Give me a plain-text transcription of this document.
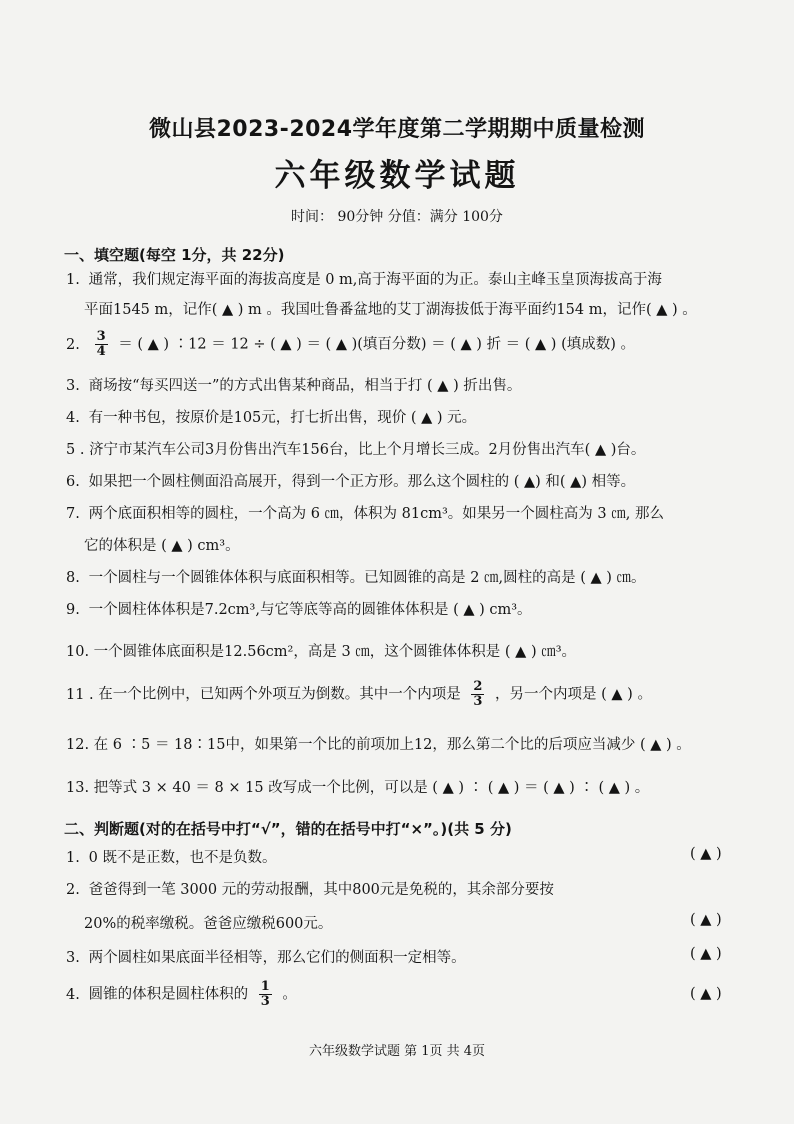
微山县2023-2024学年度第二学期期中质量检测
六年级数学试题
时间： 90分钟 分值：满分 100分
一、填空题(每空 1分，共 22分)
1. 通常，我们规定海平面的海拔高度是 0 m,高于海平面的为正。泰山主峰玉皇顶海拔高于海
平面1545 m，记作( ▲ ) m 。我国吐鲁番盆地的艾丁湖海拔低于海平面约154 m，记作( ▲ ) 。
2. $\frac{3}{4}$ ＝ ( ▲ ) ∶12 ＝ 12 ÷ ( ▲ ) ＝ ( ▲ )(填百分数) ＝ ( ▲ ) 折 ＝ ( ▲ ) (填成数) 。
3. 商场按“每买四送一”的方式出售某种商品，相当于打 ( ▲ ) 折出售。
4. 有一种书包，按原价是105元，打七折出售，现价 ( ▲ ) 元。
5 . 济宁市某汽车公司3月份售出汽车156台，比上个月增长三成。2月份售出汽车( ▲ )台。
6. 如果把一个圆柱侧面沿高展开，得到一个正方形。那么这个圆柱的 ( ▲) 和( ▲) 相等。
7. 两个底面积相等的圆柱，一个高为 6 ㎝，体积为 81cm³。如果另一个圆柱高为 3 ㎝, 那么
它的体积是 ( ▲ ) cm³。
8. 一个圆柱与一个圆锥体体积与底面积相等。已知圆锥的高是 2 ㎝,圆柱的高是 ( ▲ ) ㎝。
9. 一个圆柱体体积是7.2cm³,与它等底等高的圆锥体体积是 ( ▲ ) cm³。
10. 一个圆锥体底面积是12.56cm²，高是 3 ㎝，这个圆锥体体积是 ( ▲ ) ㎝³。
11 . 在一个比例中，已知两个外项互为倒数。其中一个内项是 $\frac{2}{3}$ ，另一个内项是 ( ▲ ) 。
12. 在 6 ∶5 ＝ 18∶15中，如果第一个比的前项加上12，那么第二个比的后项应当减少 ( ▲ ) 。
13. 把等式 3 × 40 ＝ 8 × 15 改写成一个比例，可以是 ( ▲ ) ∶ ( ▲ ) ＝ ( ▲ ) ∶ ( ▲ ) 。
二、判断题(对的在括号中打“√”，错的在括号中打“×”。)(共 5 分)
1. 0 既不是正数，也不是负数。	( ▲ )
2. 爸爸得到一笔 3000 元的劳动报酬，其中800元是免税的，其余部分要按
20%的税率缴税。爸爸应缴税600元。	( ▲ )
3. 两个圆柱如果底面半径相等，那么它们的侧面积一定相等。	( ▲ )
4. 圆锥的体积是圆柱体积的 $\frac{1}{3}$ 。	( ▲ )
六年级数学试题 第 1页 共 4页
